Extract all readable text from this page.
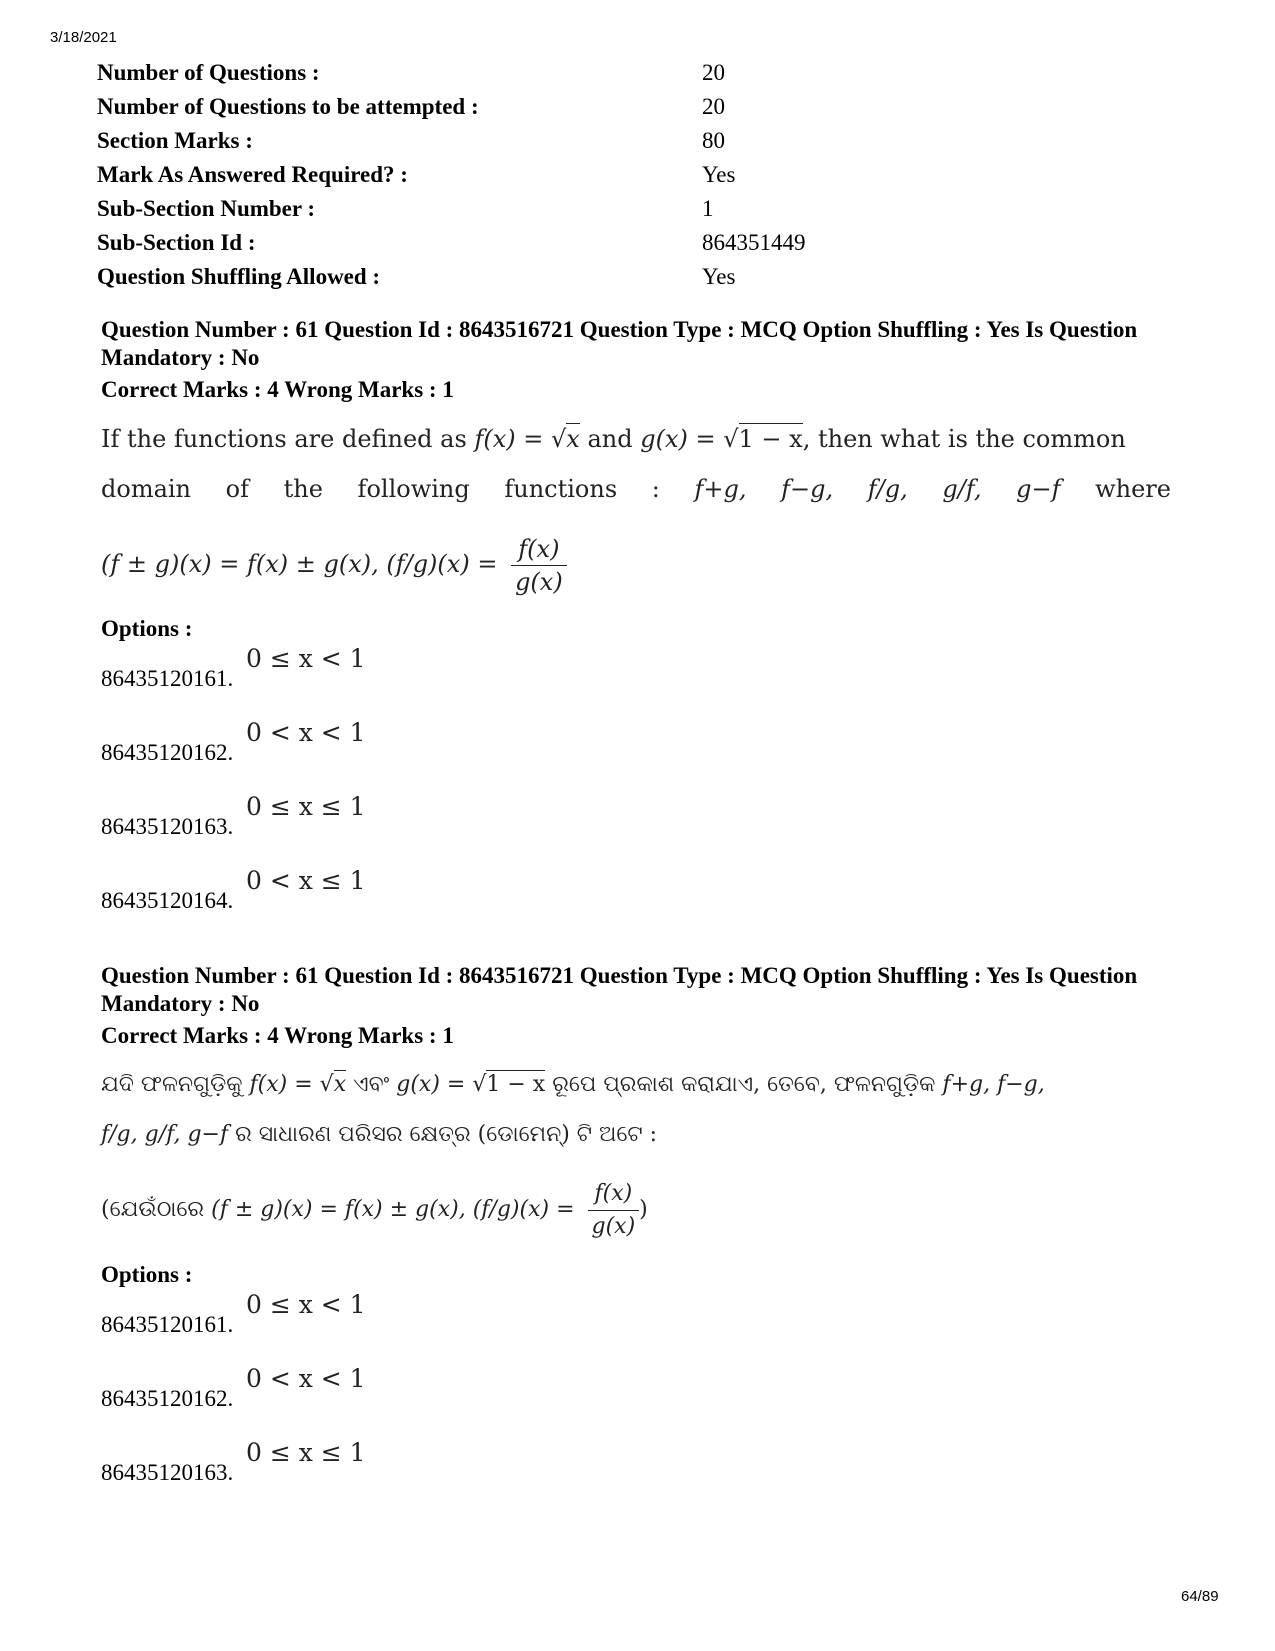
3/18/2021
Number of Questions :	20
Number of Questions to be attempted :	20
Section Marks :	80
Mark As Answered Required? :	Yes
Sub-Section Number :	1
Sub-Section Id :	864351449
Question Shuffling Allowed :	Yes
Question Number : 61 Question Id : 8643516721 Question Type : MCQ Option Shuffling : Yes Is Question Mandatory : No
Correct Marks : 4 Wrong Marks : 1
If the functions are defined as f(x) = √x and g(x) = √1 − x, then what is the common
domain of the following functions : f+g, f−g, f/g, g/f, g−f where
(f ± g)(x) = f(x) ± g(x), $(f/g)(x) = \frac{f(x)}{g(x)}$
Options :
86435120161.
0 ≤ x < 1
86435120162.
0 < x < 1
86435120163.
0 ≤ x ≤ 1
86435120164.
0 < x ≤ 1
Question Number : 61 Question Id : 8643516721 Question Type : MCQ Option Shuffling : Yes Is Question Mandatory : No
Correct Marks : 4 Wrong Marks : 1
ଯଦି ଫଳନଗୁଡ଼ିକୁ f(x) = √x ଏବଂ g(x) = √1 − x ରୂପେ ପ୍ରକାଶ କରାଯାଏ, ତେବେ, ଫଳନଗୁଡ଼ିକ f+g, f−g,
f/g, g/f, g−f ର ସାଧାରଣ ପରିସର କ୍ଷେତ୍ର (ଡୋମେନ୍) ଟି ଅଟେ :
(ଯେଉଁଠାରେ (f ± g)(x) = f(x) ± g(x), $(f/g)(x) = \frac{f(x)}{g(x)}$ )
Options :
86435120161.
0 ≤ x < 1
86435120162.
0 < x < 1
86435120163.
0 ≤ x ≤ 1
64/89
